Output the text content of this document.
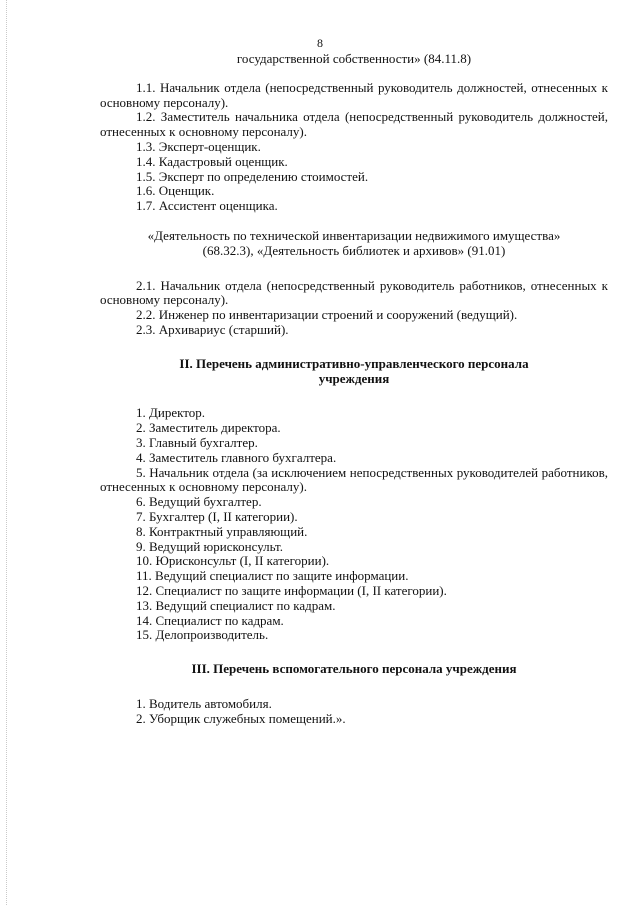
8

государственной собственности» (84.11.8)

1.1. Начальник отдела (непосредственный руководитель должностей, отнесенных к основному персоналу).

1.2. Заместитель начальника отдела (непосредственный руководитель должностей, отнесенных к основному персоналу).

1.3. Эксперт-оценщик.

1.4. Кадастровый оценщик.

1.5. Эксперт по определению стоимостей.

1.6. Оценщик.

1.7. Ассистент оценщика.

«Деятельность по технической инвентаризации недвижимого имущества»

(68.32.3), «Деятельность библиотек и архивов» (91.01)

2.1. Начальник отдела (непосредственный руководитель работников, отнесенных к основному персоналу).

2.2. Инженер по инвентаризации строений и сооружений (ведущий).

2.3. Архивариус (старший).

II. Перечень административно-управленческого персонала

учреждения

1. Директор.

2. Заместитель директора.

3. Главный бухгалтер.

4. Заместитель главного бухгалтера.

5. Начальник отдела (за исключением непосредственных руководителей работников, отнесенных к основному персоналу).

6. Ведущий бухгалтер.

7. Бухгалтер (I, II категории).

8. Контрактный управляющий.

9. Ведущий юрисконсульт.

10. Юрисконсульт (I, II категории).

11. Ведущий специалист по защите информации.

12. Специалист по защите информации (I, II категории).

13. Ведущий специалист по кадрам.

14. Специалист по кадрам.

15. Делопроизводитель.

III. Перечень вспомогательного персонала учреждения

1. Водитель автомобиля.

2. Уборщик служебных помещений.».
